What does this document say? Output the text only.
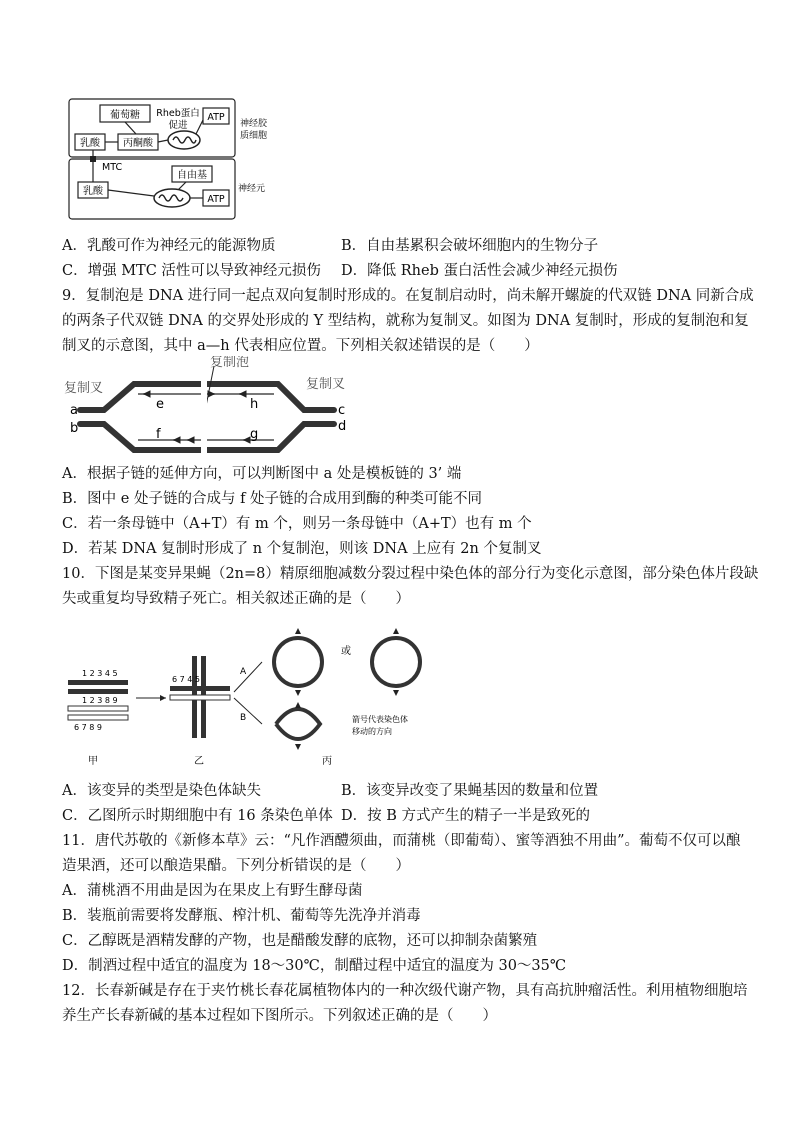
葡萄糖 Rheb蛋白
促进
ATP
乳酸 丙酮酸
MTC
自由基
乳酸
ATP
神经胶
质细胞
神经元
A．乳酸可作为神经元的能源物质	B．自由基累积会破坏细胞内的生物分子
C．增强 MTC 活性可以导致神经元损伤 D．降低 Rheb 蛋白活性会减少神经元损伤
9．复制泡是 DNA 进行同一起点双向复制时形成的。在复制启动时，尚未解开螺旋的代双链 DNA 同新合成
的两条子代双链 DNA 的交界处形成的 Y 型结构，就称为复制叉。如图为 DNA 复制时，形成的复制泡和复
制叉的示意图，其中 a—h 代表相应位置。下列相关叙述错误的是（　　）
复制泡
复制叉	复制叉
a
b
c
d
e
f	g
h
A．根据子链的延伸方向，可以判断图中 a 处是模板链的 3’ 端
B．图中 e 处子链的合成与 f 处子链的合成用到酶的种类可能不同
C．若一条母链中（A+T）有 m 个，则另一条母链中（A+T）也有 m 个
D．若某 DNA 复制时形成了 n 个复制泡，则该 DNA 上应有 2n 个复制叉
10．下图是某变异果蝇（2n=8）精原细胞减数分裂过程中染色体的部分行为变化示意图，部分染色体片段缺
失或重复均导致精子死亡。相关叙述正确的是（　　）
1 2 3 4 5
1 2 3 8 9
6 7 8 9
甲
6 7 4 5
乙
A
B
或
箭号代表染色体
移动的方向
丙
A．该变异的类型是染色体缺失	B．该变异改变了果蝇基因的数量和位置
C．乙图所示时期细胞中有 16 条染色单体 D．按 B 方式产生的精子一半是致死的
11．唐代苏敬的《新修本草》云：“凡作酒醴须曲，而蒲桃（即葡萄）、蜜等酒独不用曲”。葡萄不仅可以酿
造果酒，还可以酿造果醋。下列分析错误的是（　　）
A．蒲桃酒不用曲是因为在果皮上有野生酵母菌
B．装瓶前需要将发酵瓶、榨汁机、葡萄等先洗净并消毒
C．乙醇既是酒精发酵的产物，也是醋酸发酵的底物，还可以抑制杂菌繁殖
D．制酒过程中适宜的温度为 18～30℃，制醋过程中适宜的温度为 30～35℃
12．长春新碱是存在于夹竹桃长春花属植物体内的一种次级代谢产物，具有高抗肿瘤活性。利用植物细胞培
养生产长春新碱的基本过程如下图所示。下列叙述正确的是（　　）
